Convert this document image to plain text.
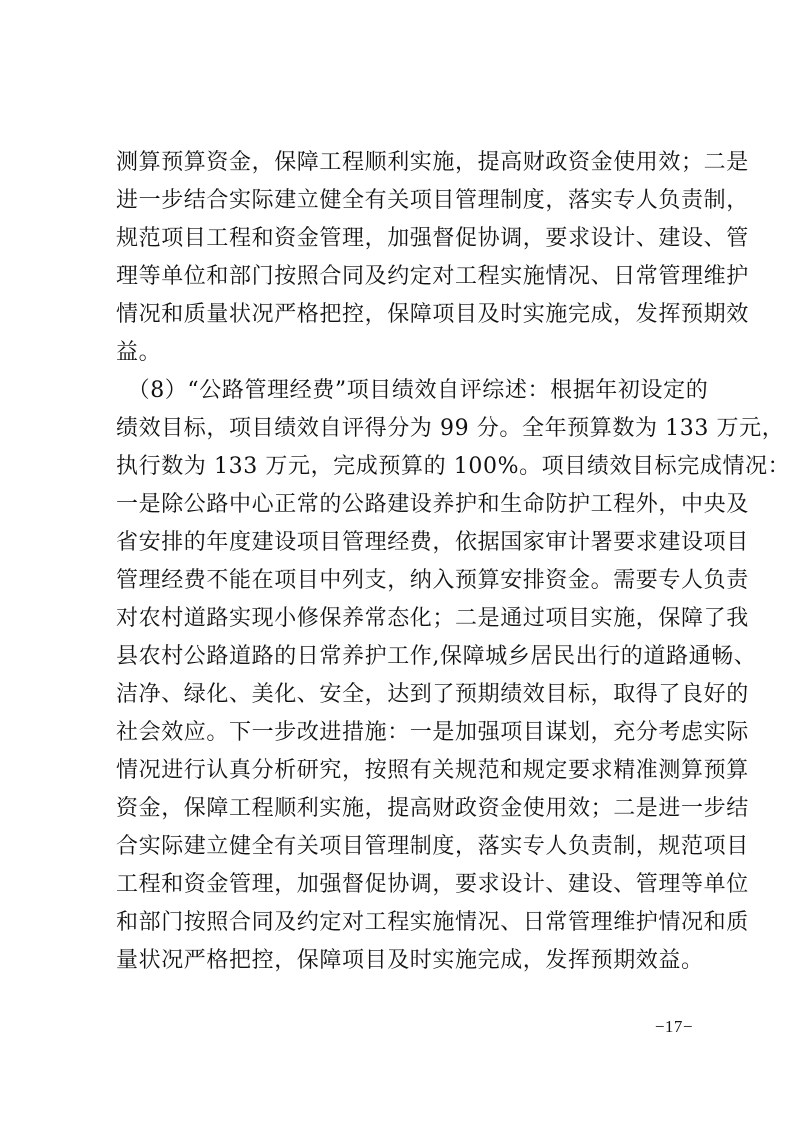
测算预算资金，保障工程顺利实施，提高财政资金使用效；二是
进一步结合实际建立健全有关项目管理制度，落实专人负责制，
规范项目工程和资金管理，加强督促协调，要求设计、建设、管
理等单位和部门按照合同及约定对工程实施情况、日常管理维护
情况和质量状况严格把控，保障项目及时实施完成，发挥预期效
益。
　（8）“公路管理经费”项目绩效自评综述：根据年初设定的
绩效目标，项目绩效自评得分为 99 分。全年预算数为 133 万元，
执行数为 133 万元，完成预算的 100%。项目绩效目标完成情况：
一是除公路中心正常的公路建设养护和生命防护工程外，中央及
省安排的年度建设项目管理经费，依据国家审计署要求建设项目
管理经费不能在项目中列支，纳入预算安排资金。需要专人负责
对农村道路实现小修保养常态化；二是通过项目实施，保障了我
县农村公路道路的日常养护工作,保障城乡居民出行的道路通畅、
洁净、绿化、美化、安全，达到了预期绩效目标，取得了良好的
社会效应。下一步改进措施：一是加强项目谋划，充分考虑实际
情况进行认真分析研究，按照有关规范和规定要求精准测算预算
资金，保障工程顺利实施，提高财政资金使用效；二是进一步结
合实际建立健全有关项目管理制度，落实专人负责制，规范项目
工程和资金管理，加强督促协调，要求设计、建设、管理等单位
和部门按照合同及约定对工程实施情况、日常管理维护情况和质
量状况严格把控，保障项目及时实施完成，发挥预期效益。
−17−
